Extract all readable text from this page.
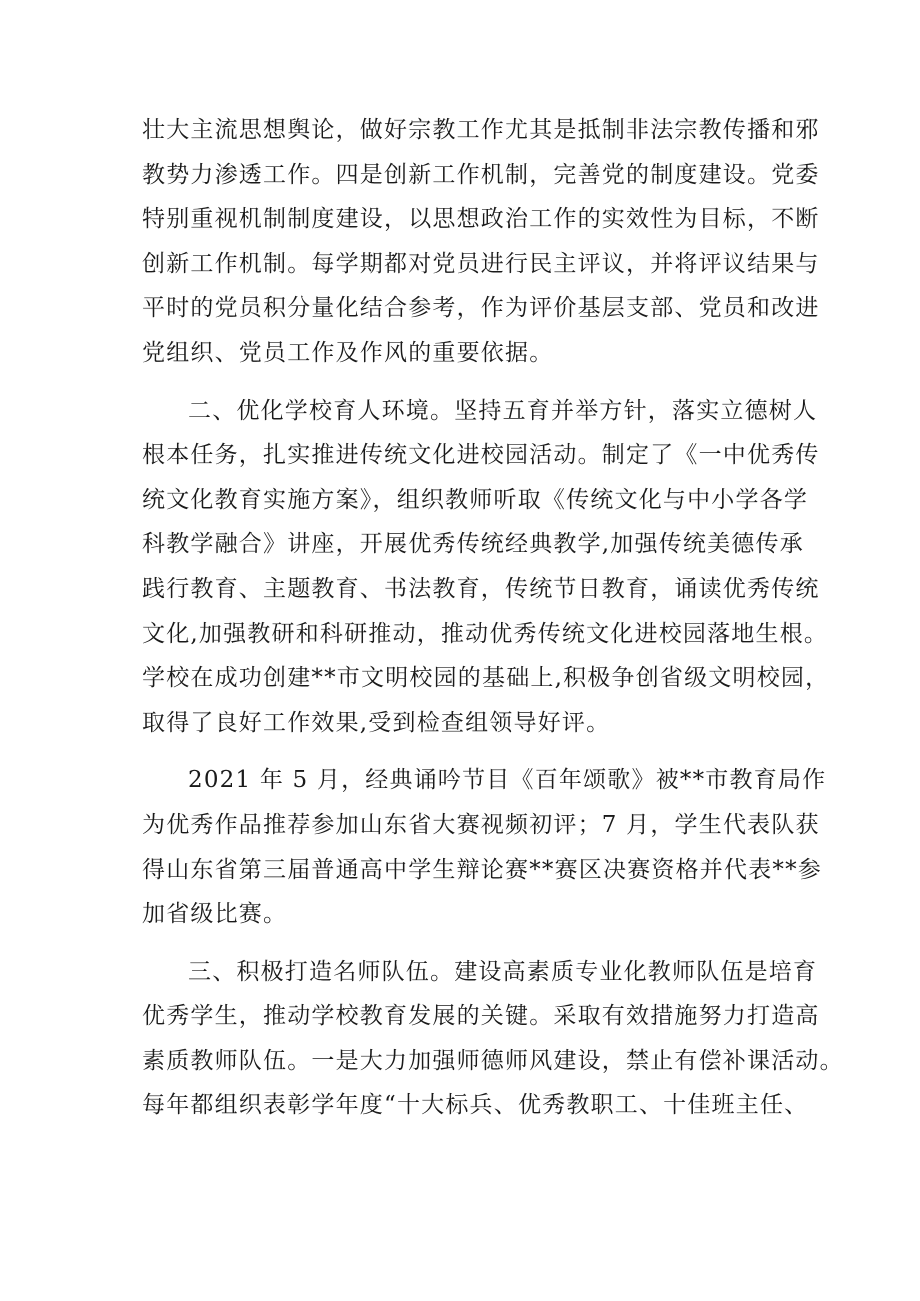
壮大主流思想舆论，做好宗教工作尤其是抵制非法宗教传播和邪
教势力渗透工作。四是创新工作机制，完善党的制度建设。党委
特别重视机制制度建设，以思想政治工作的实效性为目标，不断
创新工作机制。每学期都对党员进行民主评议，并将评议结果与
平时的党员积分量化结合参考，作为评价基层支部、党员和改进
党组织、党员工作及作风的重要依据。
二、优化学校育人环境。坚持五育并举方针，落实立德树人
根本任务，扎实推进传统文化进校园活动。制定了《一中优秀传
统文化教育实施方案》，组织教师听取《传统文化与中小学各学
科教学融合》讲座，开展优秀传统经典教学,加强传统美德传承
践行教育、主题教育、书法教育，传统节日教育，诵读优秀传统
文化,加强教研和科研推动，推动优秀传统文化进校园落地生根。
学校在成功创建**市文明校园的基础上,积极争创省级文明校园，
取得了良好工作效果,受到检查组领导好评。
2021 年 5 月，经典诵吟节目《百年颂歌》被**市教育局作
为优秀作品推荐参加山东省大赛视频初评；7 月，学生代表队获
得山东省第三届普通高中学生辩论赛**赛区决赛资格并代表**参
加省级比赛。
三、积极打造名师队伍。建设高素质专业化教师队伍是培育
优秀学生，推动学校教育发展的关键。采取有效措施努力打造高
素质教师队伍。一是大力加强师德师风建设，禁止有偿补课活动。
每年都组织表彰学年度“十大标兵、优秀教职工、十佳班主任、
